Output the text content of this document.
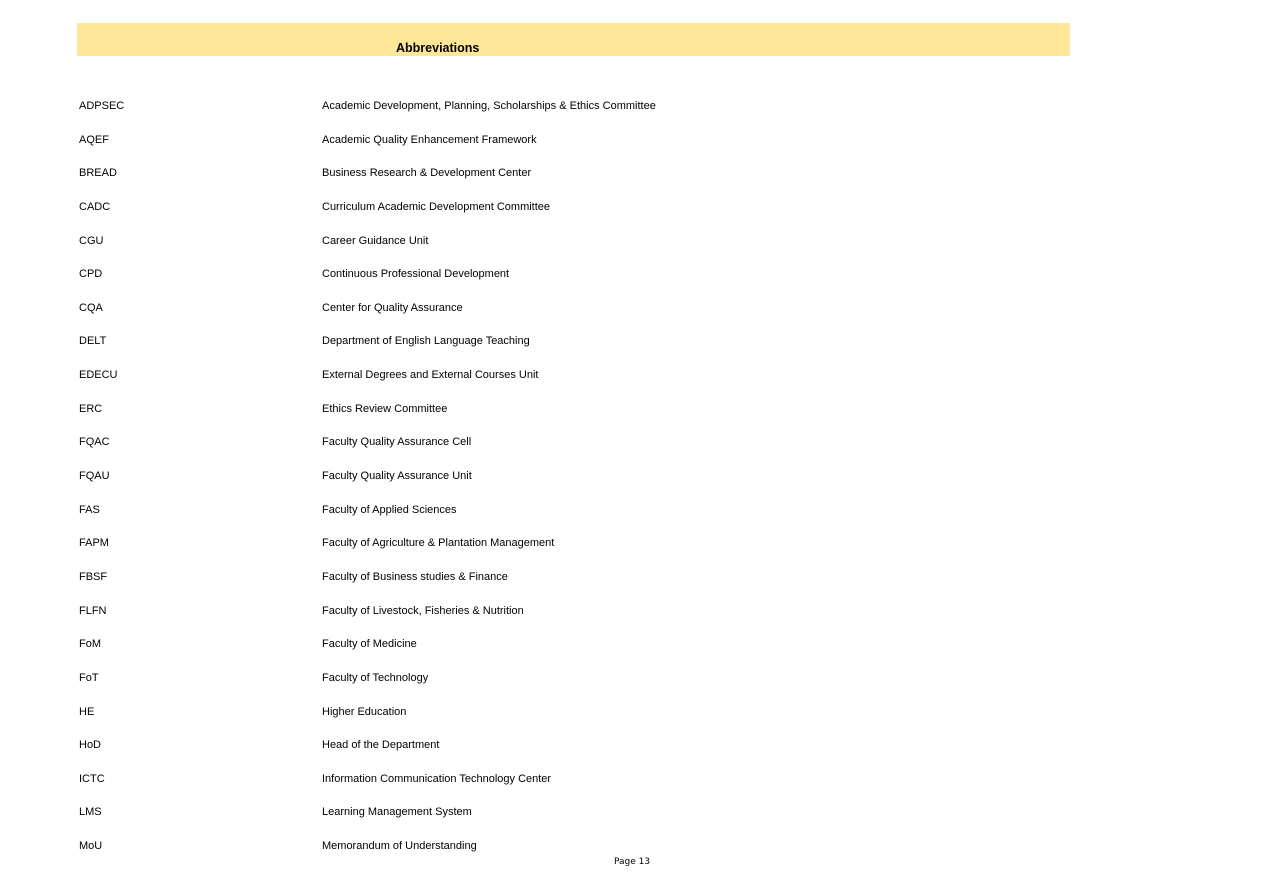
Abbreviations
ADPSEC	Academic Development, Planning, Scholarships & Ethics Committee
AQEF	Academic Quality Enhancement Framework
BREAD	Business Research & Development Center
CADC	Curriculum Academic Development Committee
CGU	Career Guidance Unit
CPD	Continuous Professional Development
CQA	Center for Quality Assurance
DELT	Department of English Language Teaching
EDECU	External Degrees and External Courses Unit
ERC	Ethics Review Committee
FQAC	Faculty Quality Assurance Cell
FQAU	Faculty Quality Assurance Unit
FAS	Faculty of Applied Sciences
FAPM	Faculty of Agriculture & Plantation Management
FBSF	Faculty of Business studies & Finance
FLFN	Faculty of Livestock, Fisheries & Nutrition
FoM	Faculty of Medicine
FoT	Faculty of Technology
HE	Higher Education
HoD	Head of the Department
ICTC	Information Communication Technology Center
LMS	Learning Management System
MoU	Memorandum of Understanding
Page 13
